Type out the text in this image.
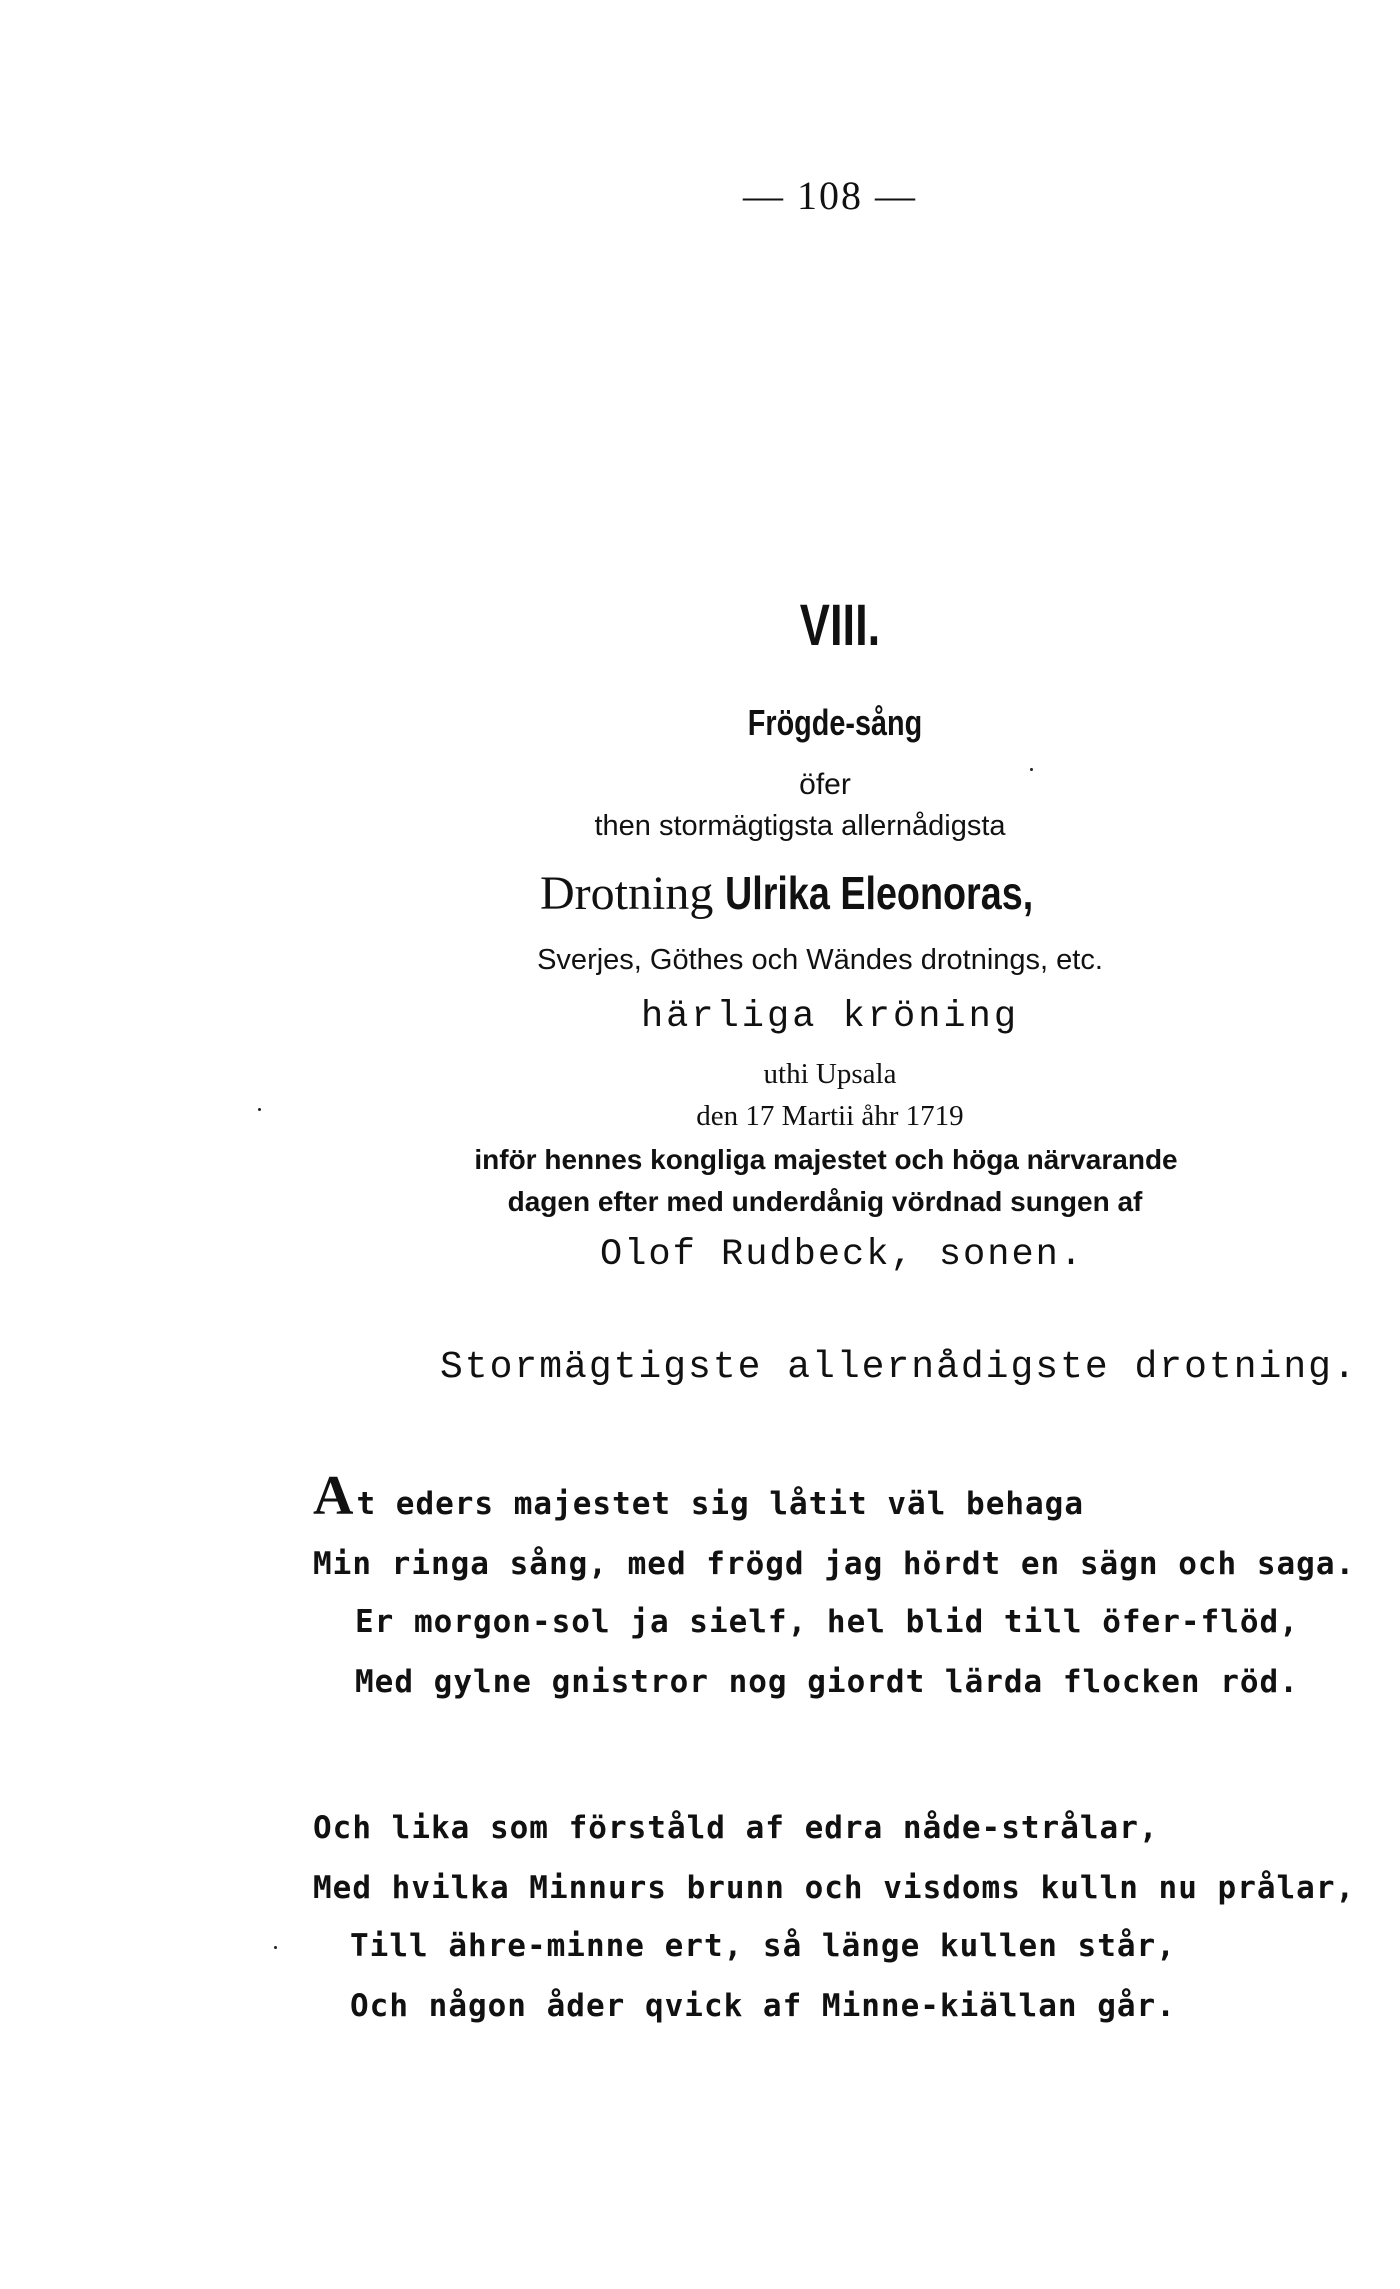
— 108 —
VIII.
Frögde-sång
öfer
then stormägtigsta allernådigsta
Drotning Ulrika Eleonoras,
Sverjes, Göthes och Wändes drotnings, etc.
härliga kröning
uthi Upsala
den 17 Martii åhr 1719
inför hennes kongliga majestet och höga närvarande
dagen efter med underdånig vördnad sungen af
Olof Rudbeck, sonen.
Stormägtigste allernådigste drotning.
At eders majestet sig låtit väl behaga
Min ringa sång, med frögd jag hördt en sägn och saga.
Er morgon-sol ja sielf, hel blid till öfer-flöd,
Med gylne gnistror nog giordt lärda flocken röd.
Och lika som förståld af edra nåde-strålar,
Med hvilka Minnurs brunn och visdoms kulln nu prålar,
Till ähre-minne ert, så länge kullen står,
Och någon åder qvick af Minne-kiällan går.
